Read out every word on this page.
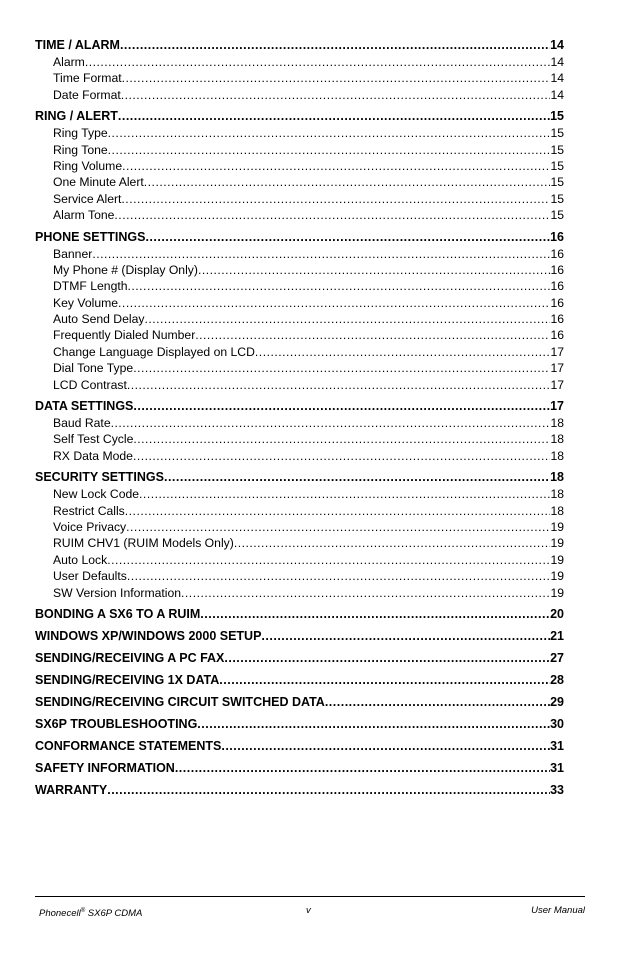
TIME / ALARM .....	14
Alarm .....	14
Time Format .....	14
Date Format .....	14
RING / ALERT .....	15
Ring Type .....	15
Ring Tone .....	15
Ring Volume .....	15
One Minute Alert .....	15
Service Alert .....	15
Alarm Tone .....	15
PHONE SETTINGS .....	16
Banner .....	16
My Phone # (Display Only) .....	16
DTMF Length .....	16
Key Volume .....	16
Auto Send Delay .....	16
Frequently Dialed Number .....	16
Change Language Displayed on LCD .....	17
Dial Tone Type .....	17
LCD Contrast .....	17
DATA SETTINGS .....	17
Baud Rate .....	18
Self Test Cycle .....	18
RX Data Mode .....	18
SECURITY SETTINGS .....	18
New Lock Code .....	18
Restrict Calls .....	18
Voice Privacy .....	19
RUIM CHV1 (RUIM Models Only) .....	19
Auto Lock .....	19
User Defaults .....	19
SW Version Information .....	19
BONDING A SX6 TO A RUIM .....	20
WINDOWS XP/WINDOWS 2000 SETUP .....	21
SENDING/RECEIVING A PC FAX .....	27
SENDING/RECEIVING 1X DATA .....	28
SENDING/RECEIVING CIRCUIT SWITCHED DATA .....	29
SX6P TROUBLESHOOTING .....	30
CONFORMANCE STATEMENTS .....	31
SAFETY INFORMATION .....	31
WARRANTY .....	33
Phonecell® SX6P CDMA	v	User Manual
